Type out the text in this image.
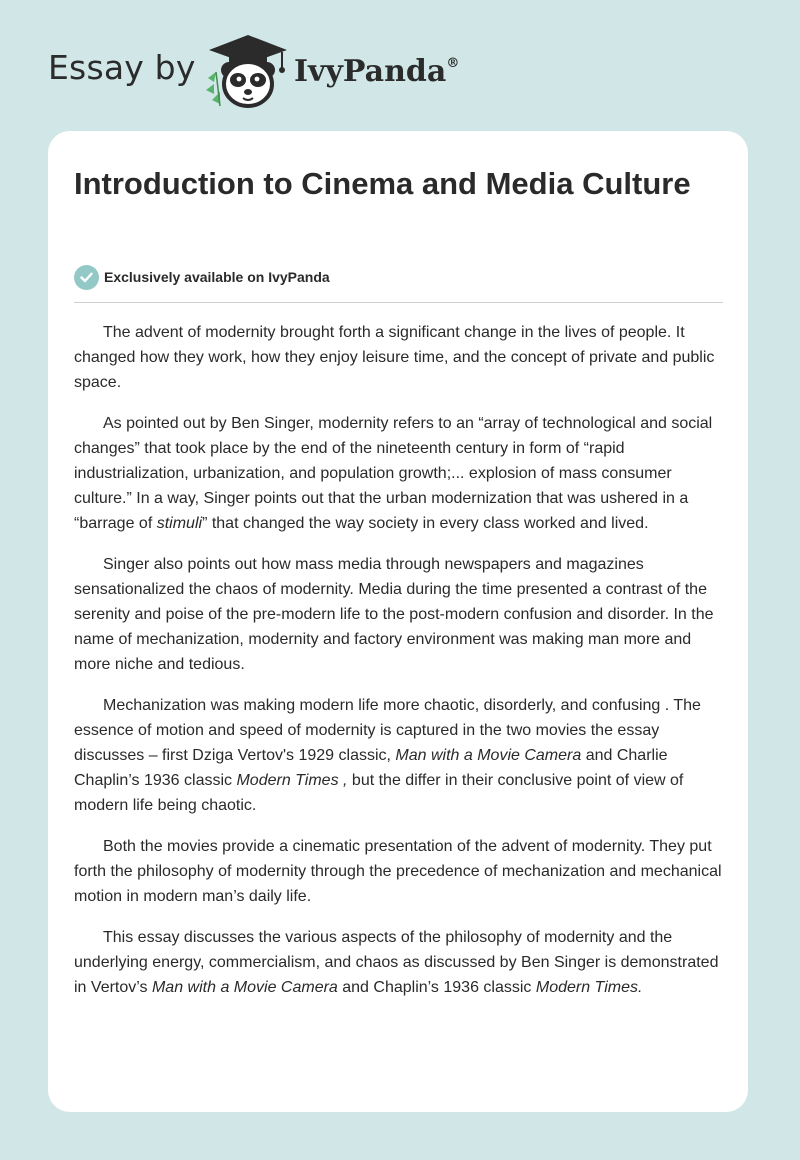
Essay by	IvyPanda®
Introduction to Cinema and Media Culture
Exclusively available on IvyPanda

The advent of modernity brought forth a significant change in the lives of people. It changed how they work, how they enjoy leisure time, and the concept of private and public space.

As pointed out by Ben Singer, modernity refers to an “array of technological and social changes” that took place by the end of the nineteenth century in form of “rapid industrialization, urbanization, and population growth;... explosion of mass consumer culture.” In a way, Singer points out that the urban modernization that was ushered in a “barrage of stimuli” that changed the way society in every class worked and lived.

Singer also points out how mass media through newspapers and magazines sensationalized the chaos of modernity. Media during the time presented a contrast of the serenity and poise of the pre-modern life to the post-modern confusion and disorder. In the name of mechanization, modernity and factory environment was making man more and more niche and tedious.

Mechanization was making modern life more chaotic, disorderly, and confusing . The essence of motion and speed of modernity is captured in the two movies the essay discusses – first Dziga Vertov's 1929 classic, Man with a Movie Camera and Charlie Chaplin’s 1936 classic Modern Times , but the differ in their conclusive point of view of modern life being chaotic.

Both the movies provide a cinematic presentation of the advent of modernity. They put forth the philosophy of modernity through the precedence of mechanization and mechanical motion in modern man’s daily life.

This essay discusses the various aspects of the philosophy of modernity and the underlying energy, commercialism, and chaos as discussed by Ben Singer is demonstrated in Vertov’s Man with a Movie Camera and Chaplin’s 1936 classic Modern Times.
